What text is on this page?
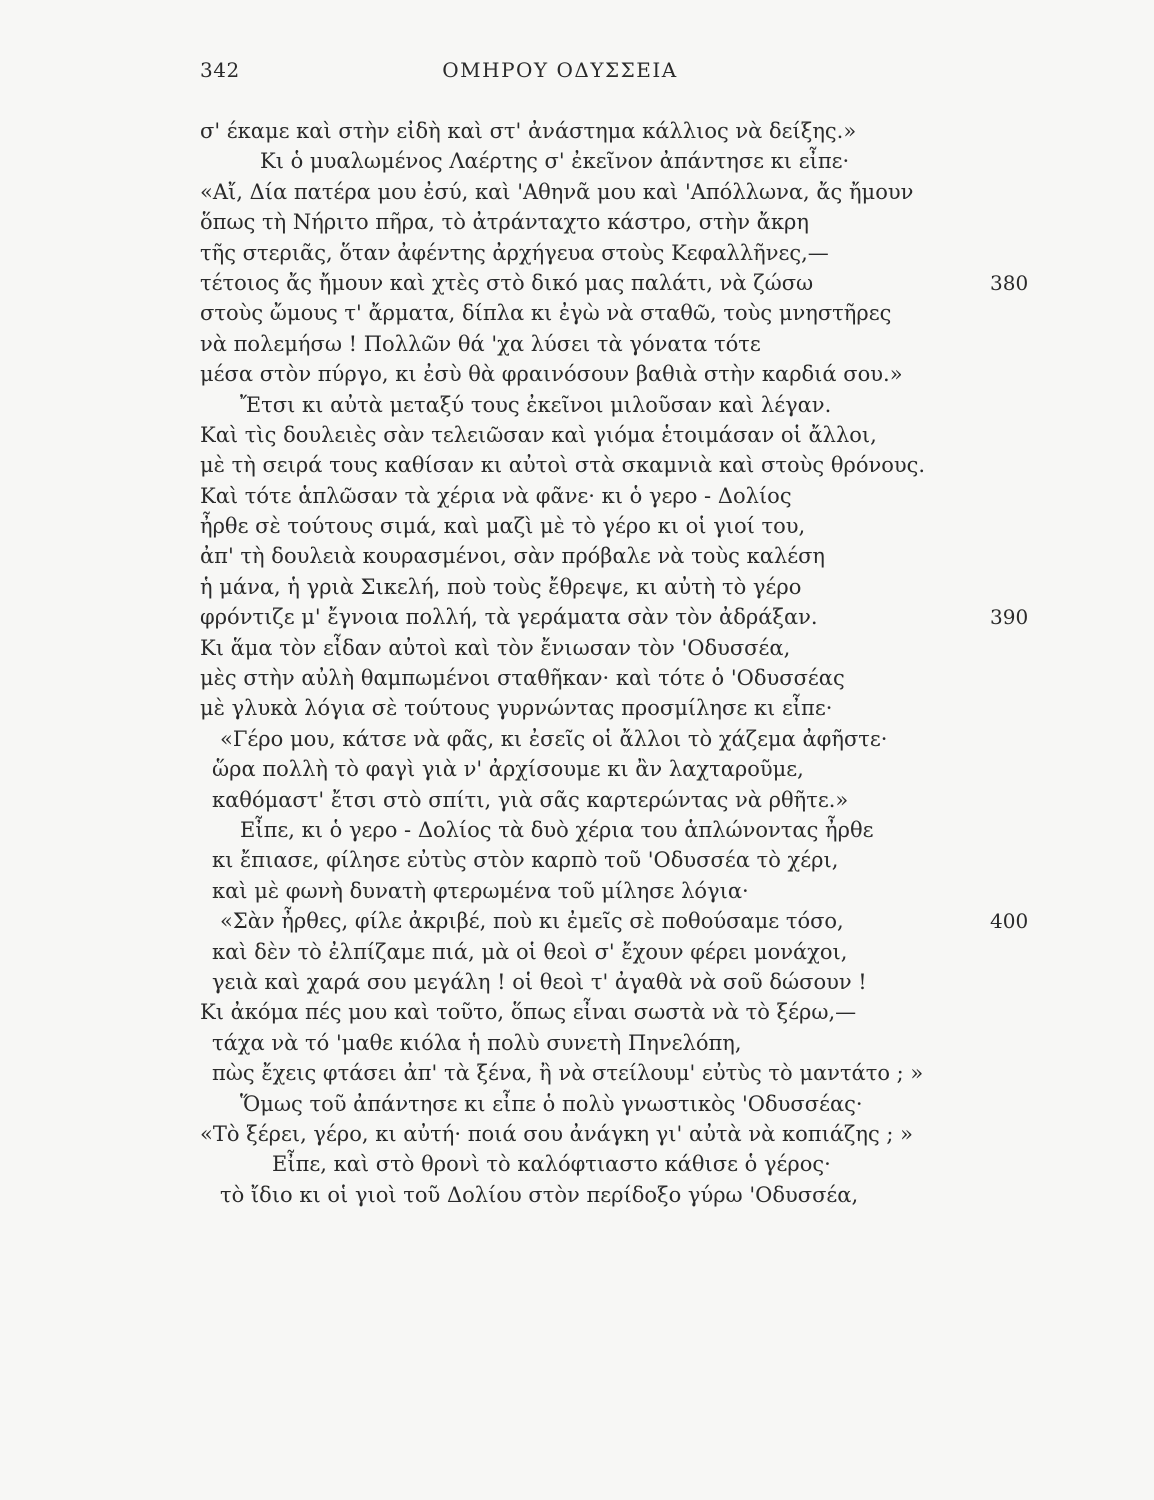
342	ΟΜΗΡΟΥ ΟΔΥΣΣΕΙΑ
σ' έκαμε καὶ στὴν εἰδὴ καὶ στ' ἀνάστημα κάλλιος νὰ δείξης.»
Κι ὁ μυαλωμένος Λαέρτης σ' ἐκεῖνον ἀπάντησε κι εἶπε·
«Αἴ, Δία πατέρα μου ἐσύ, καὶ 'Αθηνᾶ μου καὶ 'Απόλλωνα, ἄς ἤμουν
ὅπως τὴ Νήριτο πῆρα, τὸ ἀτράνταχτο κάστρο, στὴν ἄκρη
τῆς στεριᾶς, ὅταν ἀφέντης ἀρχήγευα στοὺς Κεφαλλῆνες,—
τέτοιος ἄς ἤμουν καὶ χτὲς στὸ δικό μας παλάτι, νὰ ζώσω	380
στοὺς ὤμους τ' ἄρματα, δίπλα κι ἐγὼ νὰ σταθῶ, τοὺς μνηστῆρες
νὰ πολεμήσω ! Πολλῶν θά 'χα λύσει τὰ γόνατα τότε
μέσα στὸν πύργο, κι ἐσὺ θὰ φραινόσουν βαθιὰ στὴν καρδιά σου.»
Ἔτσι κι αὐτὰ μεταξύ τους ἐκεῖνοι μιλοῦσαν καὶ λέγαν.
Καὶ τὶς δουλειὲς σὰν τελειῶσαν καὶ γιόμα ἑτοιμάσαν οἱ ἄλλοι,
μὲ τὴ σειρά τους καθίσαν κι αὐτοὶ στὰ σκαμνιὰ καὶ στοὺς θρόνους.
Καὶ τότε ἁπλῶσαν τὰ χέρια νὰ φᾶνε· κι ὁ γερο - Δολίος
ἦρθε σὲ τούτους σιμά, καὶ μαζὶ μὲ τὸ γέρο κι οἱ γιοί του,
ἀπ' τὴ δουλειὰ κουρασμένοι, σὰν πρόβαλε νὰ τοὺς καλέση
ἡ μάνα, ἡ γριὰ Σικελή, ποὺ τοὺς ἔθρεψε, κι αὐτὴ τὸ γέρο
φρόντιζε μ' ἔγνοια πολλή, τὰ γεράματα σὰν τὸν ἀδράξαν.	390
Κι ἅμα τὸν εἶδαν αὐτοὶ καὶ τὸν ἔνιωσαν τὸν 'Οδυσσέα,
μὲς στὴν αὐλὴ θαμπωμένοι σταθῆκαν· καὶ τότε ὁ 'Οδυσσέας
μὲ γλυκὰ λόγια σὲ τούτους γυρνώντας προσμίλησε κι εἶπε·
«Γέρο μου, κάτσε νὰ φᾶς, κι ἐσεῖς οἱ ἄλλοι τὸ χάζεμα ἀφῆστε·
ὥρα πολλὴ τὸ φαγὶ γιὰ ν' ἀρχίσουμε κι ἂν λαχταροῦμε,
καθόμαστ' ἔτσι στὸ σπίτι, γιὰ σᾶς καρτερώντας νὰ ρθῆτε.»
Εἶπε, κι ὁ γερο - Δολίος τὰ δυὸ χέρια του ἁπλώνοντας ἦρθε
κι ἔπιασε, φίλησε εὐτὺς στὸν καρπὸ τοῦ 'Οδυσσέα τὸ χέρι,
καὶ μὲ φωνὴ δυνατὴ φτερωμένα τοῦ μίλησε λόγια·
«Σὰν ἦρθες, φίλε ἀκριβέ, ποὺ κι ἐμεῖς σὲ ποθούσαμε τόσο,	400
καὶ δὲν τὸ ἐλπίζαμε πιά, μὰ οἱ θεοὶ σ' ἔχουν φέρει μονάχοι,
γειὰ καὶ χαρά σου μεγάλη ! οἱ θεοὶ τ' ἀγαθὰ νὰ σοῦ δώσουν !
Κι ἀκόμα πές μου καὶ τοῦτο, ὅπως εἶναι σωστὰ νὰ τὸ ξέρω,—
τάχα νὰ τό 'μαθε κιόλα ἡ πολὺ συνετὴ Πηνελόπη,
πὼς ἔχεις φτάσει ἀπ' τὰ ξένα, ἢ νὰ στείλουμ' εὐτὺς τὸ μαντάτο ; »
Ὅμως τοῦ ἀπάντησε κι εἶπε ὁ πολὺ γνωστικὸς 'Οδυσσέας·
«Τὸ ξέρει, γέρο, κι αὐτή· ποιά σου ἀνάγκη γι' αὐτὰ νὰ κοπιάζης ; »
Εἶπε, καὶ στὸ θρονὶ τὸ καλόφτιαστο κάθισε ὁ γέρος·
τὸ ἴδιο κι οἱ γιοὶ τοῦ Δολίου στὸν περίδοξο γύρω 'Οδυσσέα,
